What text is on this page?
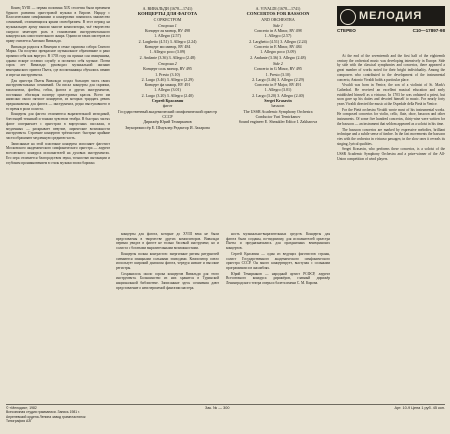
Конец XVIII — первая половина XIX столетия были временем бурного развития оркестровой музыки в Европе. Наряду с Классическими симфониями и концертами появилось множество сочинений, отличающихся ярким своеобразием. В этот период на музыкальную арену вышли многие композиторы, чьё творчество сыграло заметную роль в становлении инструментального концерта как самостоятельного жанра. Одним из таких мастеров по праву считается Антонио Вивальди.

Вивальди родился в Венеции в семье скрипача собора Святого Марка. Он получил прекрасное музыкальное образование и рано проявил себя как виртуоз. В 1703 году он принял сан священника, однако вскоре оставил службу и посвятил себя музыке. Почти сорок лет Вивальди руководил музыкальной жизнью венецианского приюта Пьета, где воспитанницы обучались пению и игре на инструментах.

Для оркестра Пьеты Вивальди создал большую часть своих инструментальных сочинений. Он писал концерты для скрипки, виолончели, флейты, гобоя, фагота и других инструментов, постоянно обогащая палитру оркестровых красок. Всего им написано около пятисот концертов, из которых тридцать девять предназначены для фагота — инструмента, редко выступавшего в то время в роли солиста.

Концерты для фагота отличаются выразительной мелодикой, блестящей техникой и тонким чувством тембра. В быстрых частях фагот соперничает с оркестром в виртуозных пассажах, в медленных — раскрывает певучие, лирические возможности инструмента. Строение концертов трёхчастное: быстрые крайние части обрамляют медленную среднюю часть.

Записанные на этой пластинке концерты исполняет фаготист Московского академического симфонического оркестра — лауреат всесоюзного конкурса исполнителей на духовых инструментах. Его игра отличается благородством звука, точностью интонации и глубоким проникновением в стиль музыки эпохи барокко.

А. ВИВАЛЬДИ (1678—1741)
КОНЦЕРТЫ ДЛЯ ФАГОТА
С ОРКЕСТРОМ
Сторона 1
Концерт ля минор, RV 498
1. Allegro (2.57)
2. Larghetto (4.51) 3. Allegro (2.24)
Концерт ми минор, RV 484
1. Allegro poco (3.09)
2. Andante (3.36) 3. Allegro (2.48)
Сторона 2
Концерт соль минор, RV 495
1. Presto (3.10)
2. Largo (3.46) 3. Allegro (2.29)
Концерт фа мажор, RV 491
1. Allegro (3.01)
2. Largo (3.20) 3. Allegro (2.40)
Сергей Красавин
фагот
Государственный академический симфонический оркестр СССР
Дирижёр Юрий Темирканов
Звукорежиссёр Е. Шмуклер Редактор И. Захарова
A. VIVALDI (1678—1741)
CONCERTOS FOR BASSOON
AND ORCHESTRA
Side 1
Concerto in A Minor, RV 498
1. Allegro (2.57)
2. Larghetto (4.51) 3. Allegro (2.24)
Concerto in E Minor, RV 484
1. Allegro poco (3.09)
2. Andante (3.36) 3. Allegro (2.48)
Side 2
Concerto in G Minor, RV 495
1. Presto (3.10)
2. Largo (3.46) 3. Allegro (2.29)
Concerto in F Major, RV 491
1. Allegro (3.01)
2. Largo (3.20) 3. Allegro (2.40)
Sergei Krasavin
bassoon
The USSR Academic Symphony Orchestra
Conductor Yuri Temirkanov
Sound engineer E. Shmukler Editor I. Zakharova

концерты для фагота, которые до XVIII века не были представлены в творчестве других композиторов. Вивальди первым увидел в фаготе не только басовый инструмент, но и солиста с богатыми выразительными возможностями.

Концерты полны контрастов: энергичные ритмы ритурнелей сменяются изящными сольными эпизодами. Композитор смело использует широкий диапазон фагота, чередуя низкие и высокие регистры.

Сохранилось около сорока концертов Вивальди для этого инструмента. Большинство из них хранится в Туринской национальной библиотеке. Записанные здесь сочинения дают представление о неисчерпаемой фантазии мастера.

ность музыкально-выразительных средств. Концерты для фагота были созданы, по-видимому, для исполнителей оркестра Пьеты и предназначались для праздничных венецианских концертов.

Сергей Красавин — один из ведущих фаготистов страны, солист Государственного академического симфонического оркестра СССР. Он много концертирует, выступая с сольными программами и в ансамблях.

Юрий Темирканов — народный артист РСФСР, лауреат Всесоюзного конкурса дирижёров, главный дирижёр Ленинградского театра оперы и балета имени С. М. Кирова.

МЕЛОДИЯ
СТЕРЕО	С10—17897-98

At the end of the seventeenth and the first half of the eighteenth century the orchestral music was developing intensively in Europe. Side by side with the classical symphonies and concertos, there appeared a great number of works noted for their bright individuality. Among the composers who contributed to the development of the instrumental concerto, Antonio Vivaldi holds a particular place.

Vivaldi was born in Venice, the son of a violinist of St. Mark's Cathedral. He received an excellent musical education and early established himself as a virtuoso. In 1703 he was ordained a priest, but soon gave up his duties and devoted himself to music. For nearly forty years Vivaldi directed the music at the Ospedale della Pietà in Venice.

For the Pietà orchestra Vivaldi wrote most of his instrumental works. He composed concertos for violin, cello, flute, oboe, bassoon and other instruments. Of some five hundred concertos, thirty-nine were written for the bassoon — an instrument that seldom appeared as a soloist in his time.

The bassoon concertos are marked by expressive melodies, brilliant technique and a subtle sense of timbre. In the fast movements the bassoon vies with the orchestra in virtuoso passages; in the slow ones it reveals its singing, lyrical qualities.

Sergei Krasavin, who performs these concertos, is a soloist of the USSR Academic Symphony Orchestra and a prize-winner of the All-Union competition of wind players.

© «Мелодия», 1982
Всесоюзная студия грамзаписи. Запись 1981 г.
Апрелевский ордена Ленина завод грампластинок
Типография АЗГ
Зак. № — 300	Арт. 10-9 Цена 1 руб. 45 коп.
